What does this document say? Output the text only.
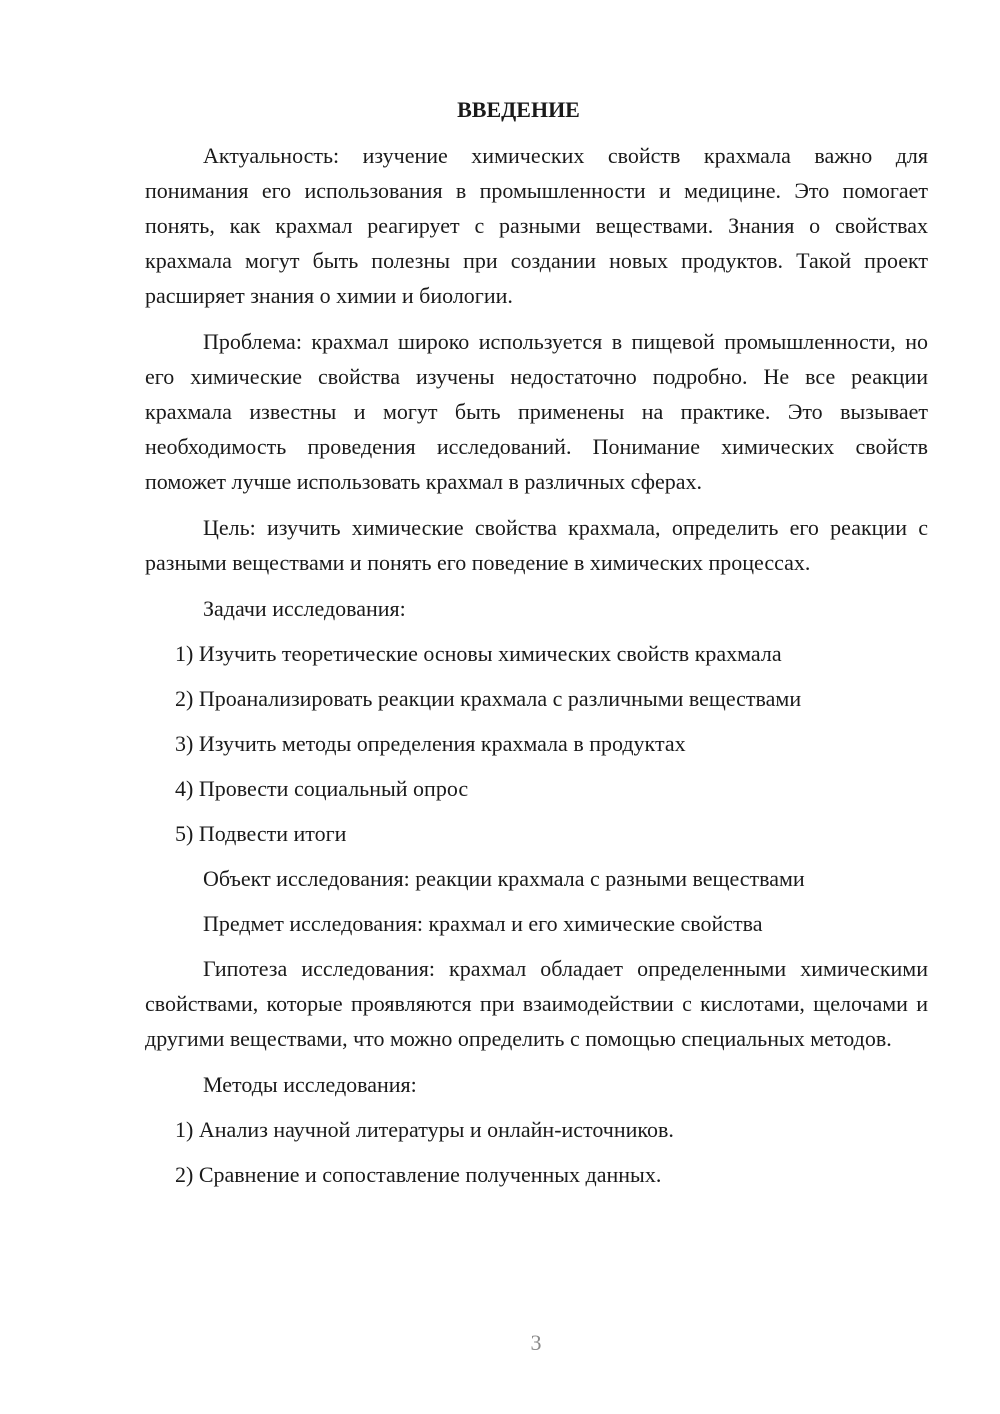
ВВЕДЕНИЕ

Актуальность: изучение химических свойств крахмала важно для понимания его использования в промышленности и медицине. Это помогает понять, как крахмал реагирует с разными веществами. Знания о свойствах крахмала могут быть полезны при создании новых продуктов. Такой проект расширяет знания о химии и биологии.

Проблема: крахмал широко используется в пищевой промышленности, но его химические свойства изучены недостаточно подробно. Не все реакции крахмала известны и могут быть применены на практике. Это вызывает необходимость проведения исследований. Понимание химических свойств поможет лучше использовать крахмал в различных сферах.

Цель: изучить химические свойства крахмала, определить его реакции с разными веществами и понять его поведение в химических процессах.

Задачи исследования:
1) Изучить теоретические основы химических свойств крахмала
2) Проанализировать реакции крахмала с различными веществами
3) Изучить методы определения крахмала в продуктах
4) Провести социальный опрос
5) Подвести итоги
Объект исследования: реакции крахмала с разными веществами
Предмет исследования: крахмал и его химические свойства

Гипотеза исследования: крахмал обладает определенными химическими свойствами, которые проявляются при взаимодействии с кислотами, щелочами и другими веществами, что можно определить с помощью специальных методов.

Методы исследования:
1) Анализ научной литературы и онлайн-источников.
2) Сравнение и сопоставление полученных данных.
3
